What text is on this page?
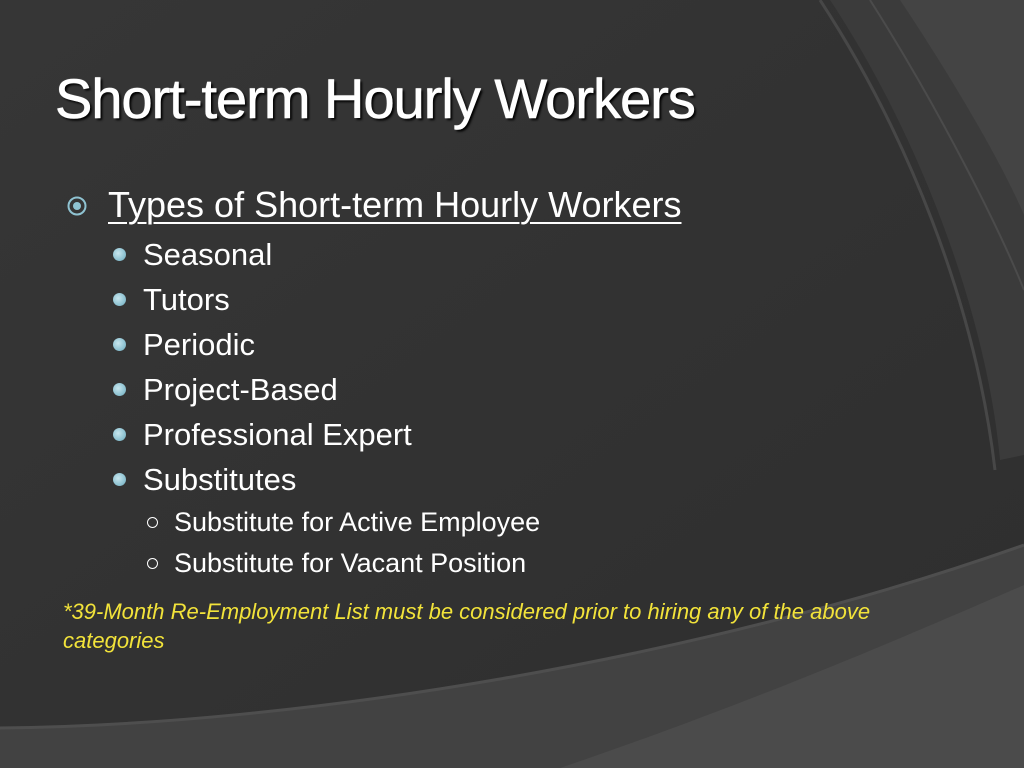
Short-term Hourly Workers
Types of Short-term Hourly Workers
Seasonal
Tutors
Periodic
Project-Based
Professional Expert
Substitutes
Substitute for Active Employee
Substitute for Vacant Position

*39-Month Re-Employment List must be considered prior to hiring any of the above categories
